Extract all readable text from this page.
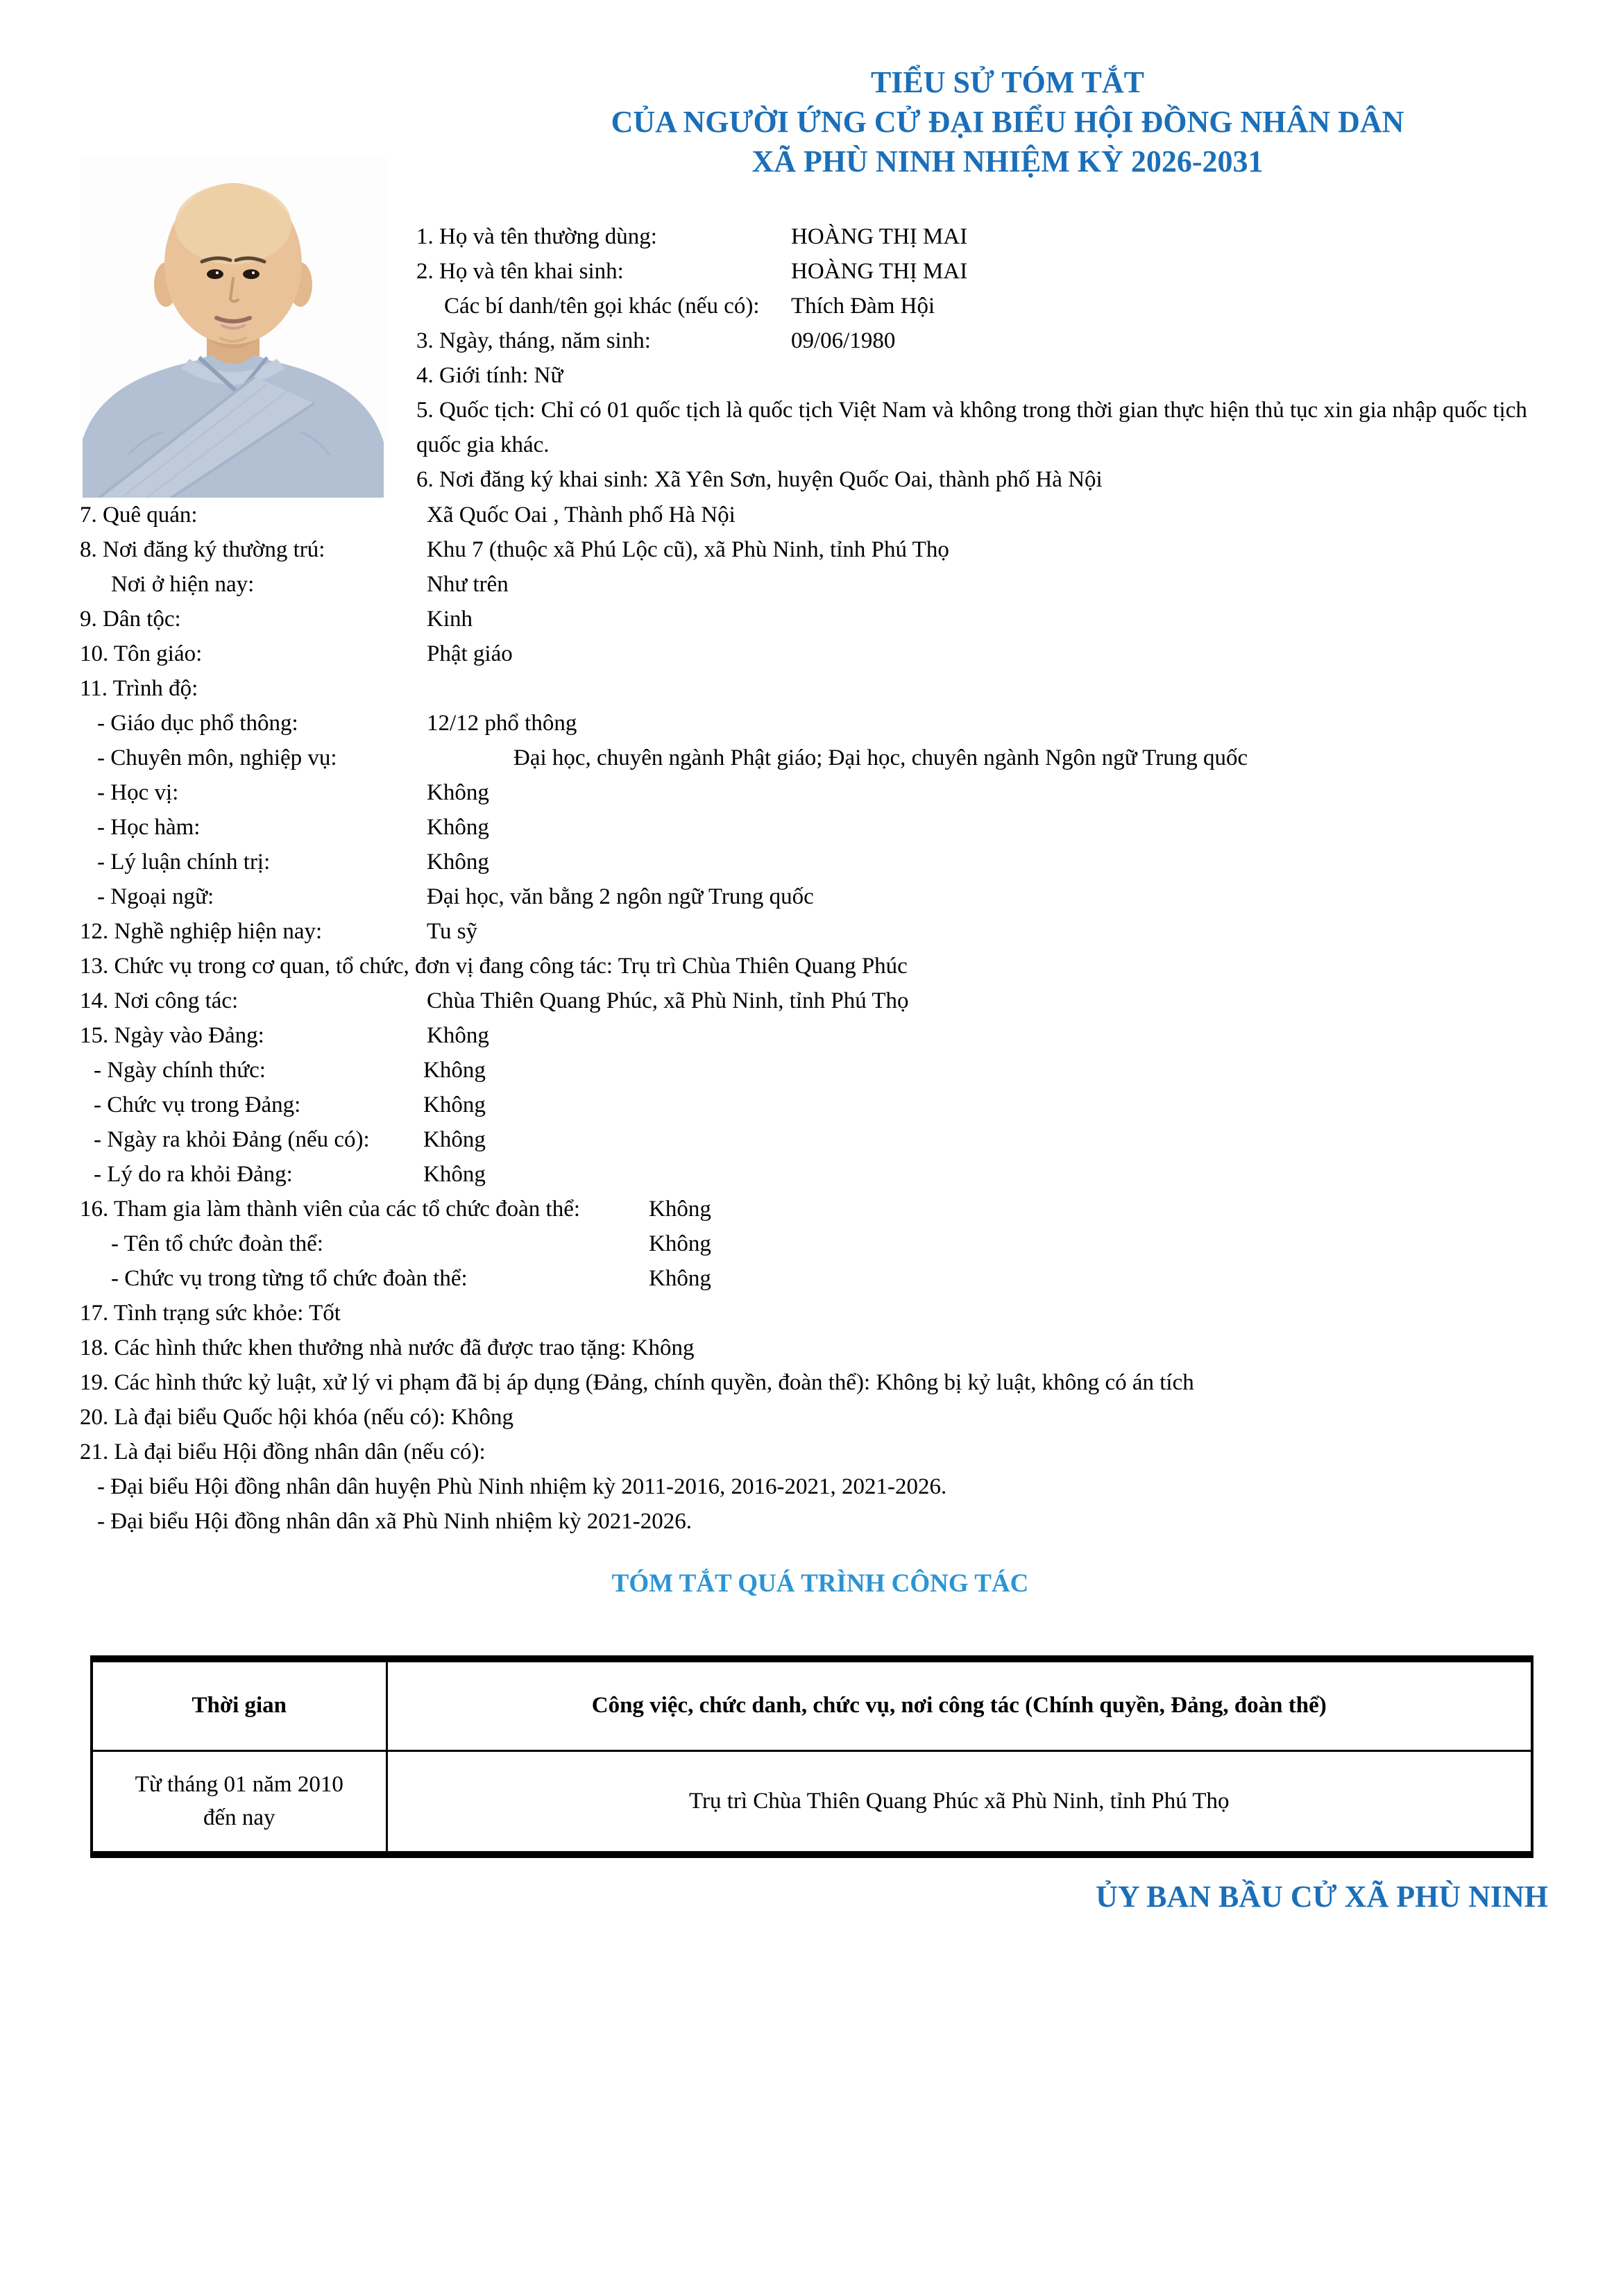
TIỂU SỬ TÓM TẮT
CỦA NGƯỜI ỨNG CỬ ĐẠI BIỂU HỘI ĐỒNG NHÂN DÂN
XÃ PHÙ NINH NHIỆM KỲ 2026-2031
1. Họ và tên thường dùng:	HOÀNG THỊ MAI
2. Họ và tên khai sinh:	HOÀNG THỊ MAI
Các bí danh/tên gọi khác (nếu có): Thích Đàm Hội
3. Ngày, tháng, năm sinh:	09/06/1980
4. Giới tính: Nữ
5. Quốc tịch: Chỉ có 01 quốc tịch là quốc tịch Việt Nam và không trong thời gian thực hiện thủ tục xin gia nhập quốc tịch quốc gia khác.
6. Nơi đăng ký khai sinh: Xã Yên Sơn, huyện Quốc Oai, thành phố Hà Nội
7. Quê quán:	Xã Quốc Oai , Thành phố Hà Nội
8. Nơi đăng ký thường trú:	Khu 7 (thuộc xã Phú Lộc cũ), xã Phù Ninh, tỉnh Phú Thọ
Nơi ở hiện nay:	Như trên
9. Dân tộc:	Kinh
10. Tôn giáo:	Phật giáo
11. Trình độ:
- Giáo dục phổ thông:	12/12 phổ thông
- Chuyên môn, nghiệp vụ:	Đại học, chuyên ngành Phật giáo; Đại học, chuyên ngành Ngôn ngữ Trung quốc
- Học vị:	Không
- Học hàm:	Không
- Lý luận chính trị:	Không
- Ngoại ngữ:	Đại học, văn bằng 2 ngôn ngữ Trung quốc
12. Nghề nghiệp hiện nay:	Tu sỹ
13. Chức vụ trong cơ quan, tổ chức, đơn vị đang công tác: Trụ trì Chùa Thiên Quang Phúc
14. Nơi công tác:	Chùa Thiên Quang Phúc, xã Phù Ninh, tỉnh Phú Thọ
15. Ngày vào Đảng:	Không
- Ngày chính thức:	Không
- Chức vụ trong Đảng:	Không
- Ngày ra khỏi Đảng (nếu có): Không
- Lý do ra khỏi Đảng:	Không
16. Tham gia làm thành viên của các tổ chức đoàn thể:	Không
- Tên tổ chức đoàn thể:	Không
- Chức vụ trong từng tổ chức đoàn thể:	Không
17. Tình trạng sức khỏe: Tốt
18. Các hình thức khen thưởng nhà nước đã được trao tặng: Không
19. Các hình thức kỷ luật, xử lý vi phạm đã bị áp dụng (Đảng, chính quyền, đoàn thể): Không bị kỷ luật, không có án tích
20. Là đại biểu Quốc hội khóa (nếu có): Không
21. Là đại biểu Hội đồng nhân dân (nếu có):
- Đại biểu Hội đồng nhân dân huyện Phù Ninh nhiệm kỳ 2011-2016, 2016-2021, 2021-2026.
- Đại biểu Hội đồng nhân dân xã Phù Ninh nhiệm kỳ 2021-2026.
TÓM TẮT QUÁ TRÌNH CÔNG TÁC
Thời gian	Công việc, chức danh, chức vụ, nơi công tác (Chính quyền, Đảng, đoàn thể)
Từ tháng 01 năm 2010 đến nay	Trụ trì Chùa Thiên Quang Phúc xã Phù Ninh, tỉnh Phú Thọ
ỦY BAN BẦU CỬ XÃ PHÙ NINH
